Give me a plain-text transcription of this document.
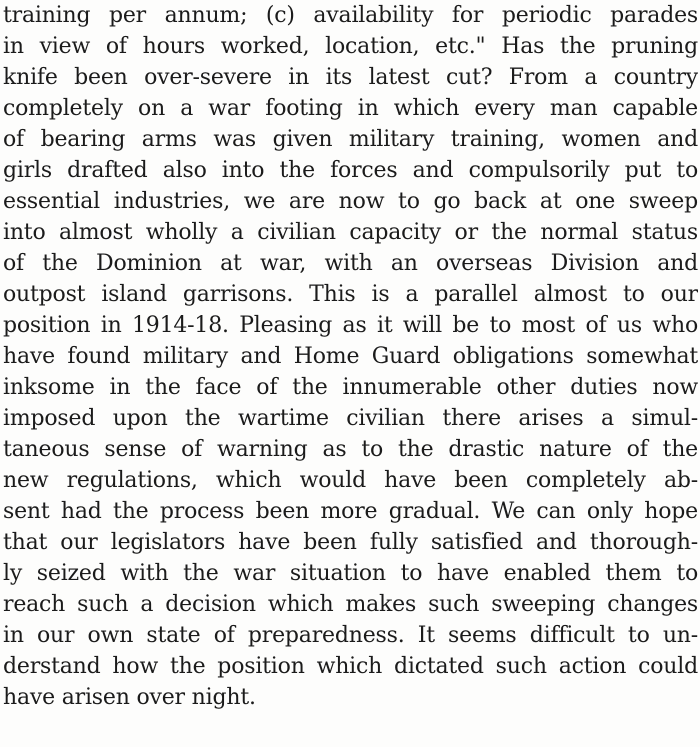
training per annum; (c) availability for periodic parades
in view of hours worked, location, etc." Has the pruning
knife been over-severe in its latest cut? From a country
completely on a war footing in which every man capable
of bearing arms was given military training, women and
girls drafted also into the forces and compulsorily put to
essential industries, we are now to go back at one sweep
into almost wholly a civilian capacity or the normal status
of the Dominion at war, with an overseas Division and
outpost island garrisons. This is a parallel almost to our
position in 1914-18. Pleasing as it will be to most of us who
have found military and Home Guard obligations somewhat
inksome in the face of the innumerable other duties now
imposed upon the wartime civilian there arises a simul-
taneous sense of warning as to the drastic nature of the
new regulations, which would have been completely ab-
sent had the process been more gradual. We can only hope
that our legislators have been fully satisfied and thorough-
ly seized with the war situation to have enabled them to
reach such a decision which makes such sweeping changes
in our own state of preparedness. It seems difficult to un-
derstand how the position which dictated such action could
have arisen over night.
